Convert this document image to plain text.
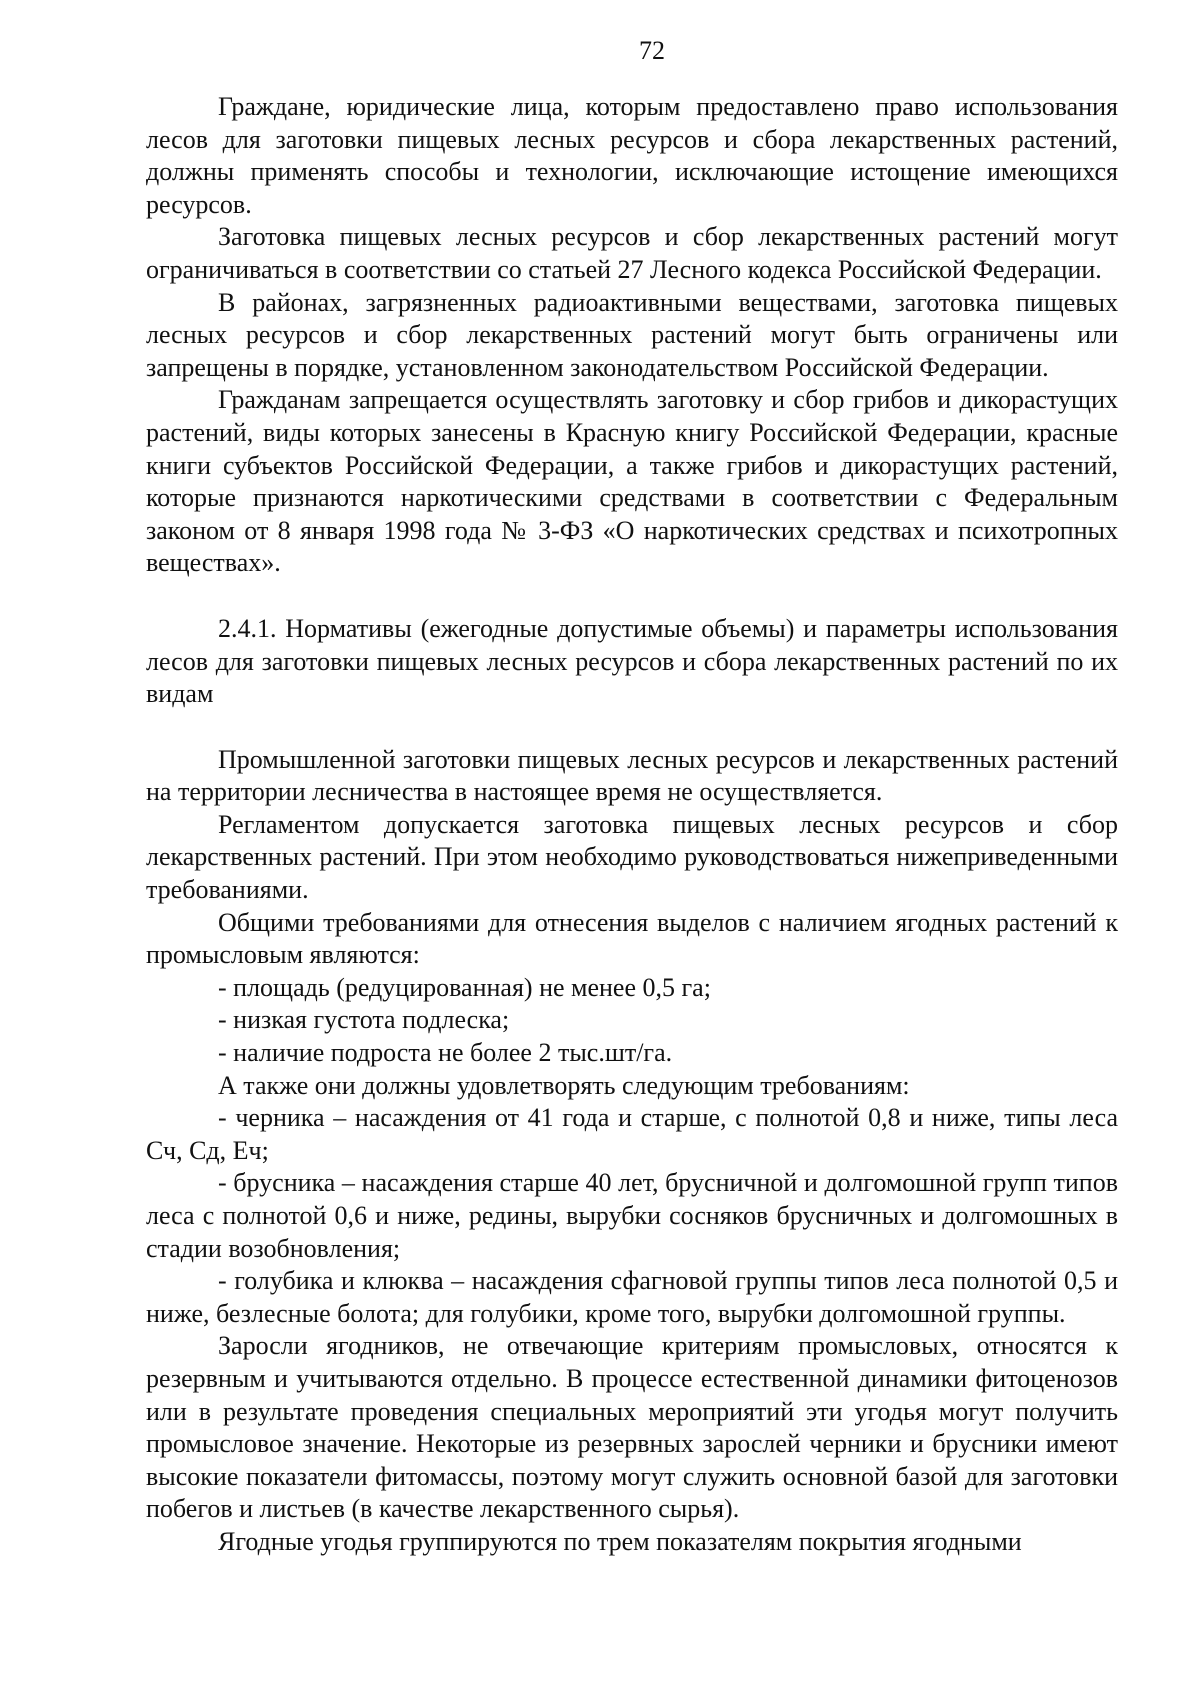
72

Граждане, юридические лица, которым предоставлено право использования лесов для заготовки пищевых лесных ресурсов и сбора лекарственных растений, должны применять способы и технологии, исключающие истощение имеющихся ресурсов.

Заготовка пищевых лесных ресурсов и сбор лекарственных растений могут ограничиваться в соответствии со статьей 27 Лесного кодекса Российской Федерации.

В районах, загрязненных радиоактивными веществами, заготовка пищевых лесных ресурсов и сбор лекарственных растений могут быть ограничены или запрещены в порядке, установленном законодательством Российской Федерации.

Гражданам запрещается осуществлять заготовку и сбор грибов и дикорастущих растений, виды которых занесены в Красную книгу Российской Федерации, красные книги субъектов Российской Федерации, а также грибов и дикорастущих растений, которые признаются наркотическими средствами в соответствии с Федеральным законом от 8 января 1998 года № 3-ФЗ «О наркотических средствах и психотропных веществах».

2.4.1. Нормативы (ежегодные допустимые объемы) и параметры использования лесов для заготовки пищевых лесных ресурсов и сбора лекарственных растений по их видам

Промышленной заготовки пищевых лесных ресурсов и лекарственных растений на территории лесничества в настоящее время не осуществляется.

Регламентом допускается заготовка пищевых лесных ресурсов и сбор лекарственных растений. При этом необходимо руководствоваться нижеприведенными требованиями.

Общими требованиями для отнесения выделов с наличием ягодных растений к промысловым являются:

- площадь (редуцированная) не менее 0,5 га;

- низкая густота подлеска;

- наличие подроста не более 2 тыс.шт/га.

А также они должны удовлетворять следующим требованиям:

- черника – насаждения от 41 года и старше, с полнотой 0,8 и ниже, типы леса Сч, Сд, Еч;

- брусника – насаждения старше 40 лет, брусничной и долгомошной групп типов леса с полнотой 0,6 и ниже, редины, вырубки сосняков брусничных и долгомошных в стадии возобновления;

- голубика и клюква – насаждения сфагновой группы типов леса полнотой 0,5 и ниже, безлесные болота; для голубики, кроме того, вырубки долгомошной группы.

Заросли ягодников, не отвечающие критериям промысловых, относятся к резервным и учитываются отдельно. В процессе естественной динамики фитоценозов или в результате проведения специальных мероприятий эти угодья могут получить промысловое значение. Некоторые из резервных зарослей черники и брусники имеют высокие показатели фитомассы, поэтому могут служить основной базой для заготовки побегов и листьев (в качестве лекарственного сырья).

Ягодные угодья группируются по трем показателям покрытия ягодными
